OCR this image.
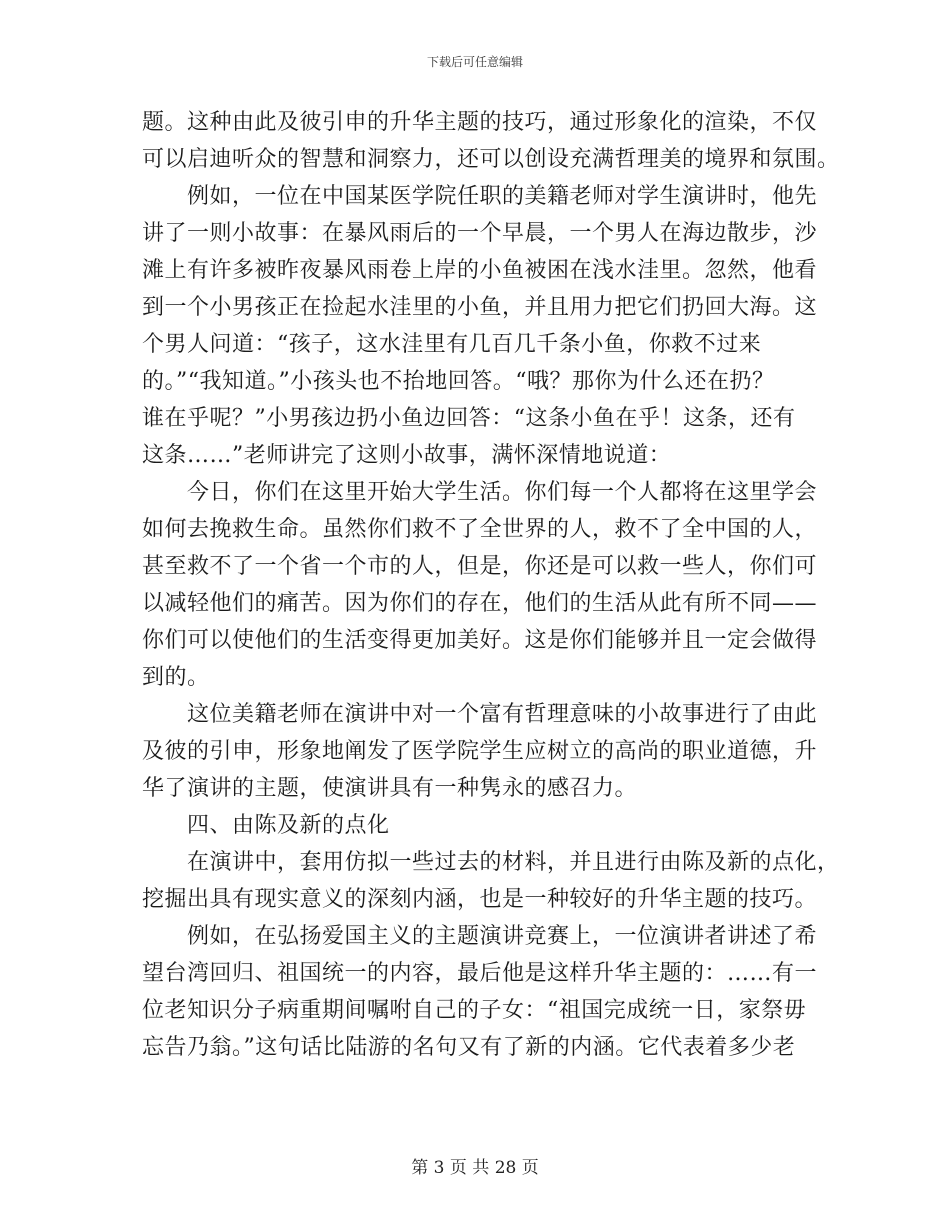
下载后可任意编辑
题。这种由此及彼引申的升华主题的技巧，通过形象化的渲染，不仅
可以启迪听众的智慧和洞察力，还可以创设充满哲理美的境界和氛围。
例如，一位在中国某医学院任职的美籍老师对学生演讲时，他先
讲了一则小故事：在暴风雨后的一个早晨，一个男人在海边散步，沙
滩上有许多被昨夜暴风雨卷上岸的小鱼被困在浅水洼里。忽然，他看
到一个小男孩正在捡起水洼里的小鱼，并且用力把它们扔回大海。这
个男人问道：“孩子，这水洼里有几百几千条小鱼，你救不过来
的。”“我知道。”小孩头也不抬地回答。“哦？那你为什么还在扔？
谁在乎呢？”小男孩边扔小鱼边回答：“这条小鱼在乎！这条，还有
这条……”老师讲完了这则小故事，满怀深情地说道：
今日，你们在这里开始大学生活。你们每一个人都将在这里学会
如何去挽救生命。虽然你们救不了全世界的人，救不了全中国的人，
甚至救不了一个省一个市的人，但是，你还是可以救一些人，你们可
以减轻他们的痛苦。因为你们的存在，他们的生活从此有所不同——
你们可以使他们的生活变得更加美好。这是你们能够并且一定会做得
到的。
这位美籍老师在演讲中对一个富有哲理意味的小故事进行了由此
及彼的引申，形象地阐发了医学院学生应树立的高尚的职业道德，升
华了演讲的主题，使演讲具有一种隽永的感召力。
四、由陈及新的点化
在演讲中，套用仿拟一些过去的材料，并且进行由陈及新的点化，
挖掘出具有现实意义的深刻内涵，也是一种较好的升华主题的技巧。
例如，在弘扬爱国主义的主题演讲竞赛上，一位演讲者讲述了希
望台湾回归、祖国统一的内容，最后他是这样升华主题的：……有一
位老知识分子病重期间嘱咐自己的子女：“祖国完成统一日，家祭毋
忘告乃翁。”这句话比陆游的名句又有了新的内涵。它代表着多少老
第 3 页 共 28 页
